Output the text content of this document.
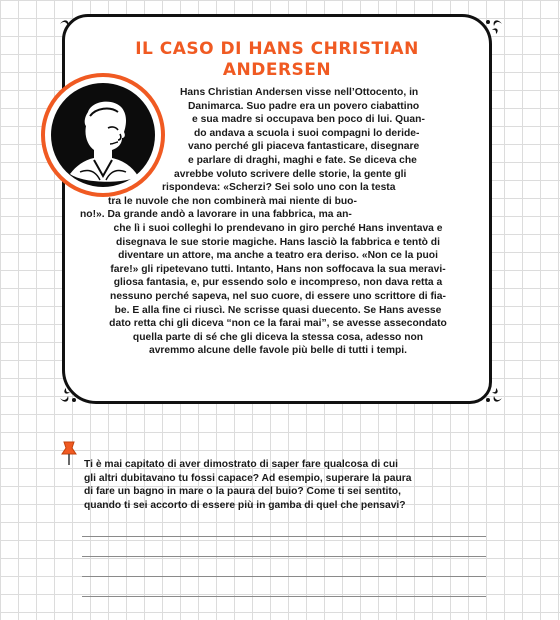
IL CASO DI HANS CHRISTIAN
ANDERSEN
Hans Christian Andersen visse nell’Ottocento, in
Danimarca. Suo padre era un povero ciabattino
e sua madre si occupava ben poco di lui. Quan-
do andava a scuola i suoi compagni lo deride-
vano perché gli piaceva fantasticare, disegnare
e parlare di draghi, maghi e fate. Se diceva che
avrebbe voluto scrivere delle storie, la gente gli
rispondeva: «Scherzi? Sei solo uno con la testa
tra le nuvole che non combinerà mai niente di buo-
no!». Da grande andò a lavorare in una fabbrica, ma an-
che lì i suoi colleghi lo prendevano in giro perché Hans inventava e
disegnava le sue storie magiche. Hans lasciò la fabbrica e tentò di
diventare un attore, ma anche a teatro era deriso. «Non ce la puoi
fare!» gli ripetevano tutti. Intanto, Hans non soffocava la sua meravi-
gliosa fantasia, e, pur essendo solo e incompreso, non dava retta a
nessuno perché sapeva, nel suo cuore, di essere uno scrittore di fia-
be. E alla fine ci riuscì. Ne scrisse quasi duecento. Se Hans avesse
dato retta chi gli diceva “non ce la farai mai”, se avesse assecondato
quella parte di sé che gli diceva la stessa cosa, adesso non
avremmo alcune delle favole più belle di tutti i tempi.
Ti è mai capitato di aver dimostrato di saper fare qualcosa di cui
gli altri dubitavano tu fossi capace? Ad esempio, superare la paura
di fare un bagno in mare o la paura del buio? Come ti sei sentito,
quando ti sei accorto di essere più in gamba di quel che pensavi?
